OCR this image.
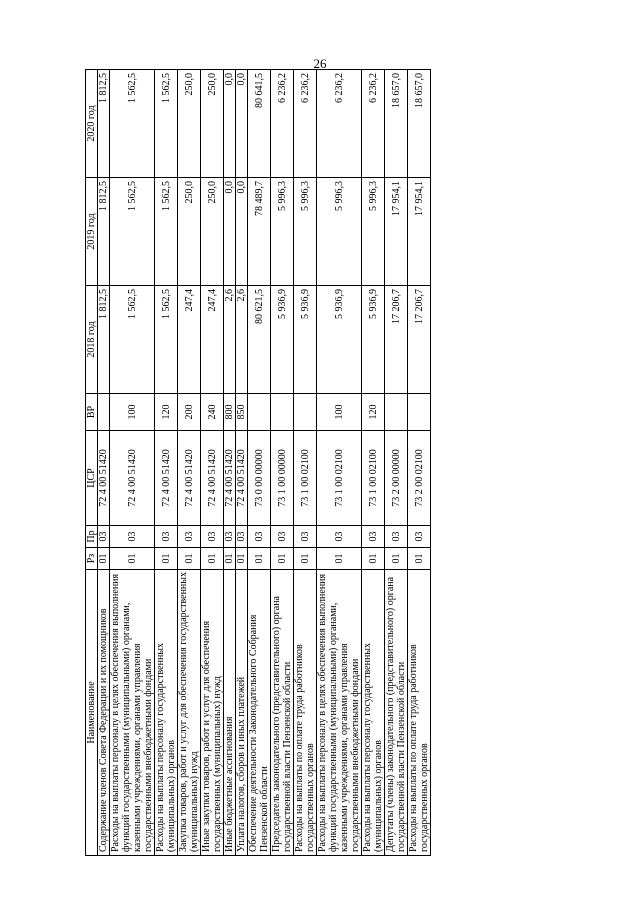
26
Наименование	Рз	Пр	ЦСР	ВР	2018 год	2019 год	2020 год
Содержание членов Совета Федерации и их помощников	01	03	72 4 00 51420		1 812,5	1 812,5	1 812,5
Расходы на выплаты персоналу в целях обеспечения выполнения функций государственными (муниципальными) органами, казенными учреждениями, органами управления государственными внебюджетными фондами	01	03	72 4 00 51420	100	1 562,5	1 562,5	1 562,5
Расходы на выплаты персоналу государственных (муниципальных) органов	01	03	72 4 00 51420	120	1 562,5	1 562,5	1 562,5
Закупка товаров, работ и услуг для обеспечения государственных (муниципальных) нужд	01	03	72 4 00 51420	200	247,4	250,0	250,0
Иные закупки товаров, работ и услуг для обеспечения государственных (муниципальных) нужд	01	03	72 4 00 51420	240	247,4	250,0	250,0
Иные бюджетные ассигнования	01	03	72 4 00 51420	800	2,6	0,0	0,0
Уплата налогов, сборов и иных платежей	01	03	72 4 00 51420	850	2,6	0,0	0,0
Обеспечение деятельности Законодательного Собрания Пензенской области	01	03	73 0 00 00000		80 621,5	78 489,7	80 641,5
Председатель законодательного (представительного) органа государственной власти Пензенской области	01	03	73 1 00 00000		5 936,9	5 996,3	6 236,2
Расходы на выплаты по оплате труда работников государственных органов	01	03	73 1 00 02100		5 936,9	5 996,3	6 236,2
Расходы на выплаты персоналу в целях обеспечения выполнения функций государственными (муниципальными) органами, казенными учреждениями, органами управления государственными внебюджетными фондами	01	03	73 1 00 02100	100	5 936,9	5 996,3	6 236,2
Расходы на выплаты персоналу государственных (муниципальных) органов	01	03	73 1 00 02100	120	5 936,9	5 996,3	6 236,2
Депутаты (члены) законодательного (представительного) органа государственной власти Пензенской области	01	03	73 2 00 00000		17 206,7	17 954,1	18 657,0
Расходы на выплаты по оплате труда работников государственных органов	01	03	73 2 00 02100		17 206,7	17 954,1	18 657,0
